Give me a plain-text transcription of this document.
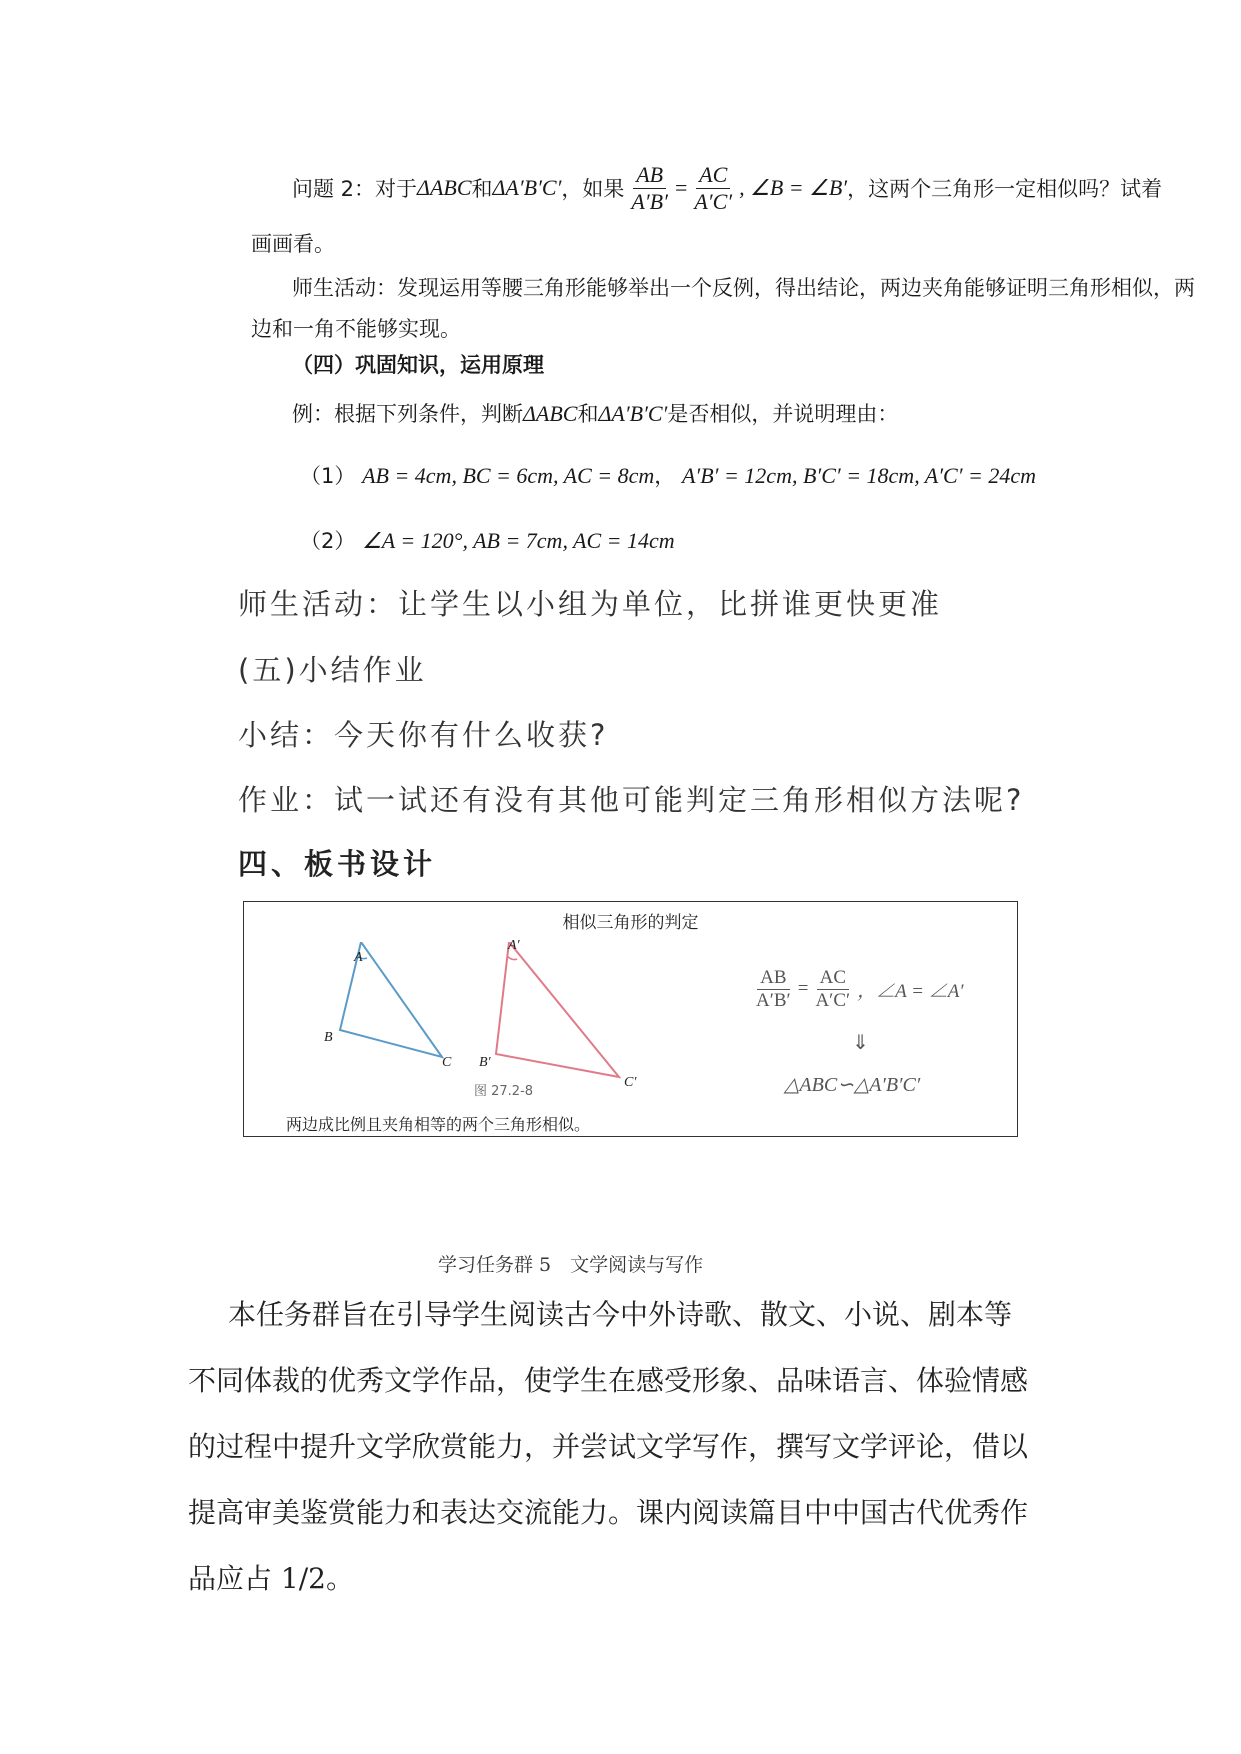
问题 2：对于 ΔABC 和 ΔA′B′C′ ，如果 $\frac{AB}{A'B'} = \frac{AC}{A'C'}$ , ∠B = ∠B′ ，这两个三角形一定相似吗？试着
画画看。
师生活动：发现运用等腰三角形能够举出一个反例，得出结论，两边夹角能够证明三角形相似，两
边和一角不能够实现。
（四）巩固知识，运用原理
例：根据下列条件，判断ΔABC和ΔA′B′C′是否相似，并说明理由：
（1） AB = 4cm, BC = 6cm, AC = 8cm， A′B′ = 12cm, B′C′ = 18cm, A′C′ = 24cm
（2） ∠A = 120°, AB = 7cm, AC = 14cm
师生活动：让学生以小组为单位，比拼谁更快更准
(五)小结作业
小结：今天你有什么收获?
作业：试一试还有没有其他可能判定三角形相似方法呢?
四、板书设计
相似三角形的判定
A
B
C
A′
B′
C′
图 27.2-8
$\frac{AB}{A'B'} = \frac{AC}{A'C'}$ ，∠A = ∠A′
⇓
△ABC∽△A′B′C′
两边成比例且夹角相等的两个三角形相似。
学习任务群 5　文学阅读与写作
本任务群旨在引导学生阅读古今中外诗歌、散文、小说、剧本等
不同体裁的优秀文学作品，使学生在感受形象、品味语言、体验情感
的过程中提升文学欣赏能力，并尝试文学写作，撰写文学评论，借以
提高审美鉴赏能力和表达交流能力。课内阅读篇目中中国古代优秀作
品应占 1/2。
